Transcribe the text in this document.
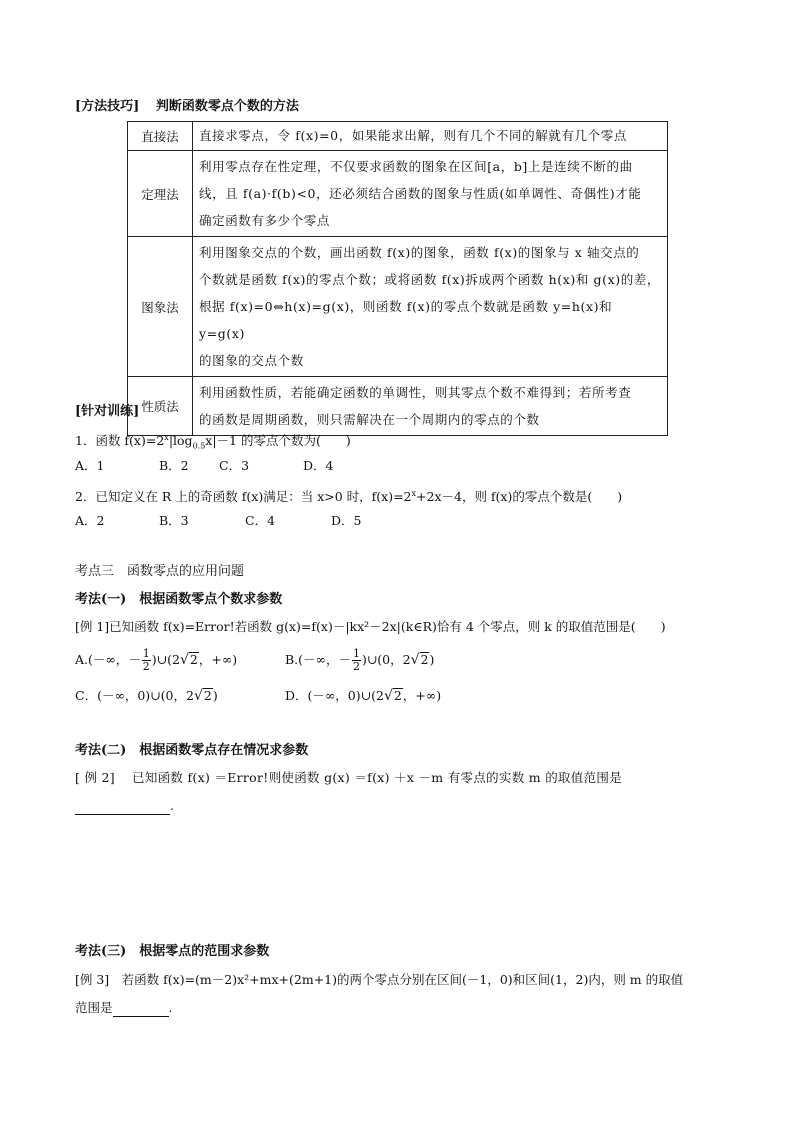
[方法技巧] 判断函数零点个数的方法
直接法	直接求零点，令 f(x)=0，如果能求出解，则有几个不同的解就有几个零点

定理法	利用零点存在性定理，不仅要求函数的图象在区间[a，b]上是连续不断的曲
线，且 f(a)·f(b)<0，还必须结合函数的图象与性质(如单调性、奇偶性)才能
确定函数有多少个零点

图象法	利用图象交点的个数，画出函数 f(x)的图象，函数 f(x)的图象与 x 轴交点的
个数就是函数 f(x)的零点个数；或将函数 f(x)拆成两个函数 h(x)和 g(x)的差，
根据 f(x)=0⇔h(x)=g(x)，则函数 f(x)的零点个数就是函数 y=h(x)和 y=g(x)
的图象的交点个数

性质法	利用函数性质，若能确定函数的单调性，则其零点个数不难得到；若所考查
的函数是周期函数，则只需解决在一个周期内的零点的个数
[针对训练]
1．函数 $f(x)=2^x|\log_{0.5}x|-1$ 的零点个数为(　　)
A．1	B．2 C．3	D．4
2．已知定义在 R 上的奇函数 f(x)满足：当 x>0 时，$f(x)=2^x+2x-4$，则 f(x)的零点个数是(　　)
A．2	B．3	C．4	D．5
考点三　函数零点的应用问题
考法(一)　根据函数零点个数求参数
[例 1]已知函数 f(x)=Error!若函数 g(x)=f(x)－|kx²－2x|(k∈R)恰有 4 个零点，则 k 的取值范围是(　　)
A.(－∞，－ $\frac{1}{2}$ )∪(2√2，+∞)	B.(－∞，－ $\frac{1}{2}$ )∪(0，2√2)
C．(－∞，0)∪(0，2√2)	D．(－∞，0)∪(2√2，+∞)
考法(二)　根据函数零点存在情况求参数
[ 例 2]　 已知函数 f(x) ＝Error!则使函数 g(x) ＝f(x) ＋x －m 有零点的实数 m 的取值范围是
.
考法(三)　根据零点的范围求参数
[例 3]　若函数 f(x)=(m－2)x²+mx+(2m+1)的两个零点分别在区间(－1，0)和区间(1，2)内，则 m 的取值
范围是	.
